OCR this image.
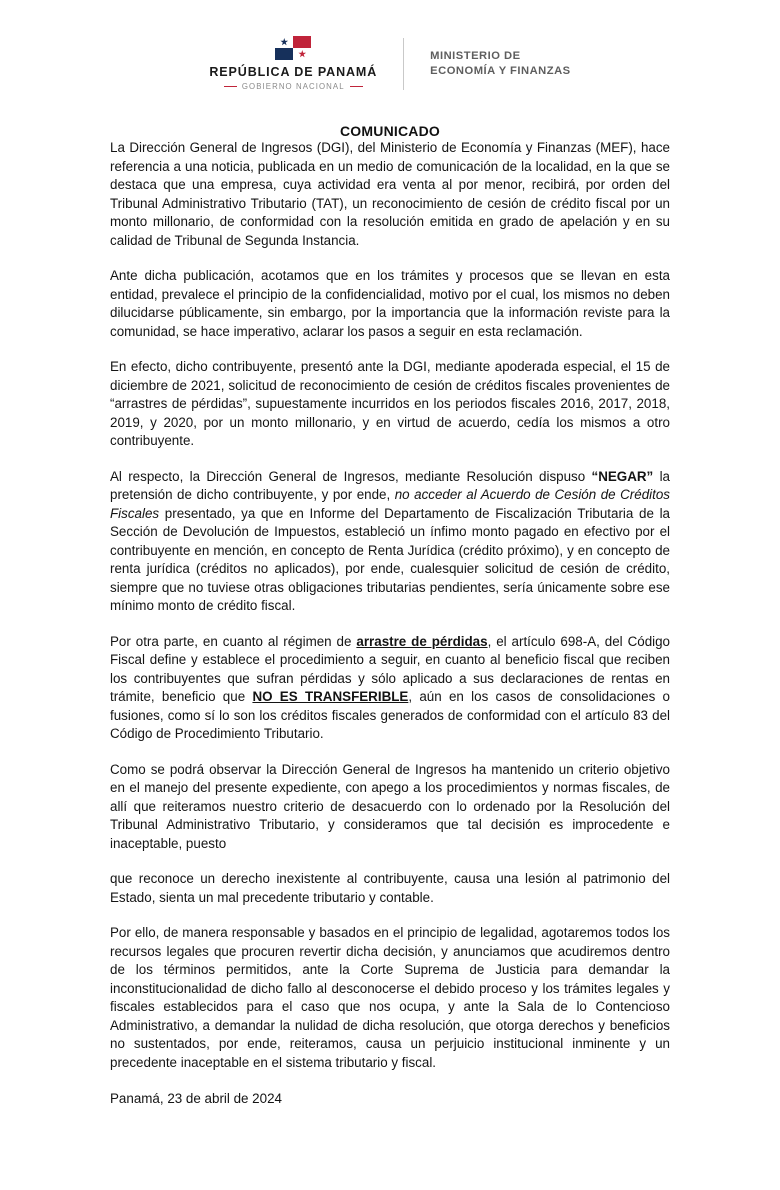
REPÚBLICA DE PANAMÁ
GOBIERNO NACIONAL
MINISTERIO DE
ECONOMÍA Y FINANZAS
COMUNICADO

La Dirección General de Ingresos (DGI), del Ministerio de Economía y Finanzas (MEF), hace referencia a una noticia, publicada en un medio de comunicación de la localidad, en la que se destaca que una empresa, cuya actividad era venta al por menor, recibirá, por orden del Tribunal Administrativo Tributario (TAT), un reconocimiento de cesión de crédito fiscal por un monto millonario, de conformidad con la resolución emitida en grado de apelación y en su calidad de Tribunal de Segunda Instancia.

Ante dicha publicación, acotamos que en los trámites y procesos que se llevan en esta entidad, prevalece el principio de la confidencialidad, motivo por el cual, los mismos no deben dilucidarse públicamente, sin embargo, por la importancia que la información reviste para la comunidad, se hace imperativo, aclarar los pasos a seguir en esta reclamación.

En efecto, dicho contribuyente, presentó ante la DGI, mediante apoderada especial, el 15 de diciembre de 2021, solicitud de reconocimiento de cesión de créditos fiscales provenientes de “arrastres de pérdidas”, supuestamente incurridos en los periodos fiscales 2016, 2017, 2018, 2019, y 2020, por un monto millonario, y en virtud de acuerdo, cedía los mismos a otro contribuyente.

Al respecto, la Dirección General de Ingresos, mediante Resolución dispuso “NEGAR” la pretensión de dicho contribuyente, y por ende, no acceder al Acuerdo de Cesión de Créditos Fiscales presentado, ya que en Informe del Departamento de Fiscalización Tributaria de la Sección de Devolución de Impuestos, estableció un ínfimo monto pagado en efectivo por el contribuyente en mención, en concepto de Renta Jurídica (crédito próximo), y en concepto de renta jurídica (créditos no aplicados), por ende, cualesquier solicitud de cesión de crédito, siempre que no tuviese otras obligaciones tributarias pendientes, sería únicamente sobre ese mínimo monto de crédito fiscal.

Por otra parte, en cuanto al régimen de arrastre de pérdidas, el artículo 698-A, del Código Fiscal define y establece el procedimiento a seguir, en cuanto al beneficio fiscal que reciben los contribuyentes que sufran pérdidas y sólo aplicado a sus declaraciones de rentas en trámite, beneficio que NO ES TRANSFERIBLE, aún en los casos de consolidaciones o fusiones, como sí lo son los créditos fiscales generados de conformidad con el artículo 83 del Código de Procedimiento Tributario.

Como se podrá observar la Dirección General de Ingresos ha mantenido un criterio objetivo en el manejo del presente expediente, con apego a los procedimientos y normas fiscales, de allí que reiteramos nuestro criterio de desacuerdo con lo ordenado por la Resolución del Tribunal Administrativo Tributario, y consideramos que tal decisión es improcedente e inaceptable, puesto

que reconoce un derecho inexistente al contribuyente, causa una lesión al patrimonio del Estado, sienta un mal precedente tributario y contable.

Por ello, de manera responsable y basados en el principio de legalidad, agotaremos todos los recursos legales que procuren revertir dicha decisión, y anunciamos que acudiremos dentro de los términos permitidos, ante la Corte Suprema de Justicia para demandar la inconstitucionalidad de dicho fallo al desconocerse el debido proceso y los trámites legales y fiscales establecidos para el caso que nos ocupa, y ante la Sala de lo Contencioso Administrativo, a demandar la nulidad de dicha resolución, que otorga derechos y beneficios no sustentados, por ende, reiteramos, causa un perjuicio institucional inminente y un precedente inaceptable en el sistema tributario y fiscal.

Panamá, 23 de abril de 2024
